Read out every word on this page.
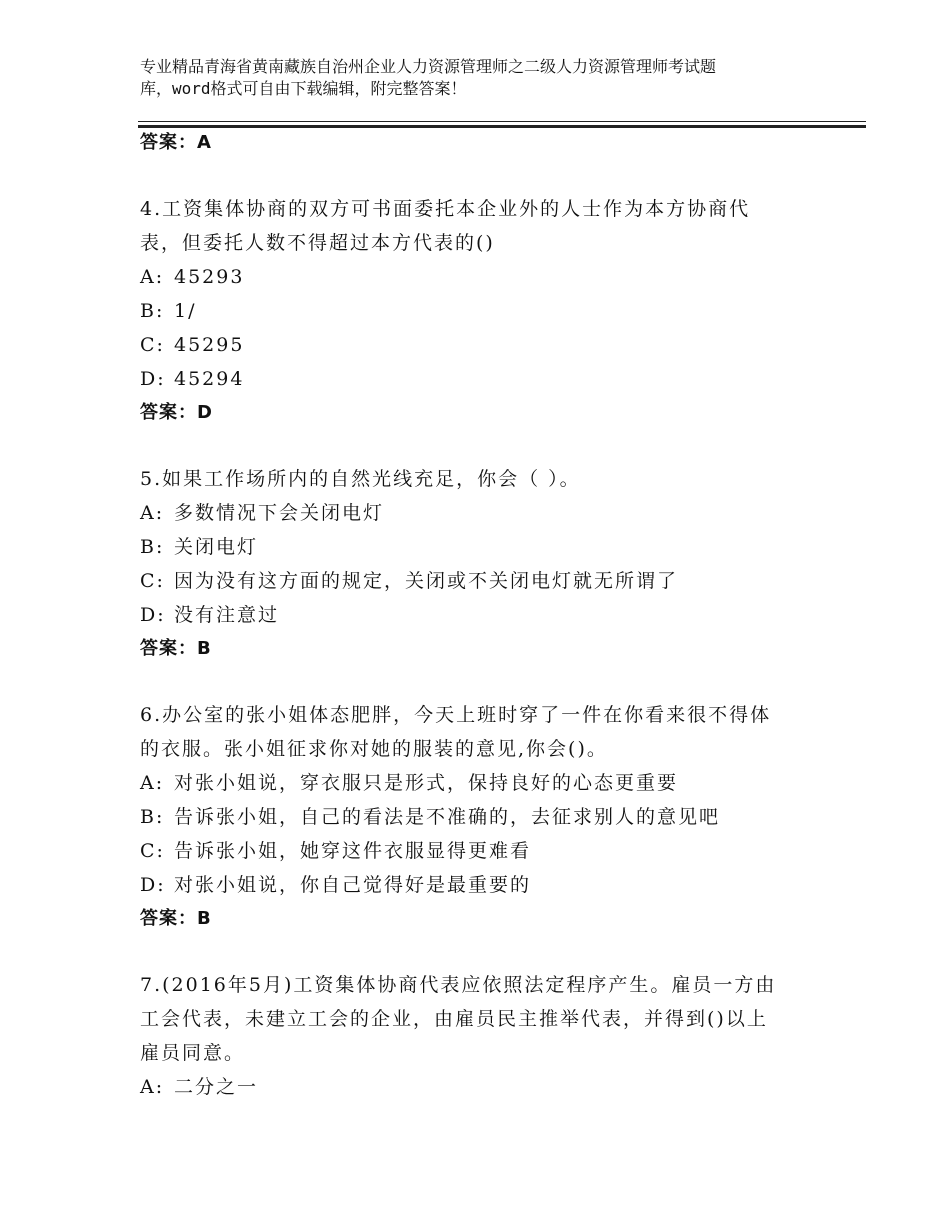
专业精品青海省黄南藏族自治州企业人力资源管理师之二级人力资源管理师考试题
库，word格式可自由下载编辑，附完整答案！
答案：A
4.工资集体协商的双方可书面委托本企业外的人士作为本方协商代
表，但委托人数不得超过本方代表的()
A: 45293
B: 1/
C: 45295
D: 45294
答案：D
5.如果工作场所内的自然光线充足，你会（ ）。
A: 多数情况下会关闭电灯
B: 关闭电灯
C: 因为没有这方面的规定，关闭或不关闭电灯就无所谓了
D: 没有注意过
答案：B
6.办公室的张小姐体态肥胖，今天上班时穿了一件在你看来很不得体
的衣服。张小姐征求你对她的服装的意见,你会()。
A: 对张小姐说，穿衣服只是形式，保持良好的心态更重要
B: 告诉张小姐，自己的看法是不准确的，去征求别人的意见吧
C: 告诉张小姐，她穿这件衣服显得更难看
D: 对张小姐说，你自己觉得好是最重要的
答案：B
7.(2016年5月)工资集体协商代表应依照法定程序产生。雇员一方由
工会代表，未建立工会的企业，由雇员民主推举代表，并得到()以上
雇员同意。
A: 二分之一
